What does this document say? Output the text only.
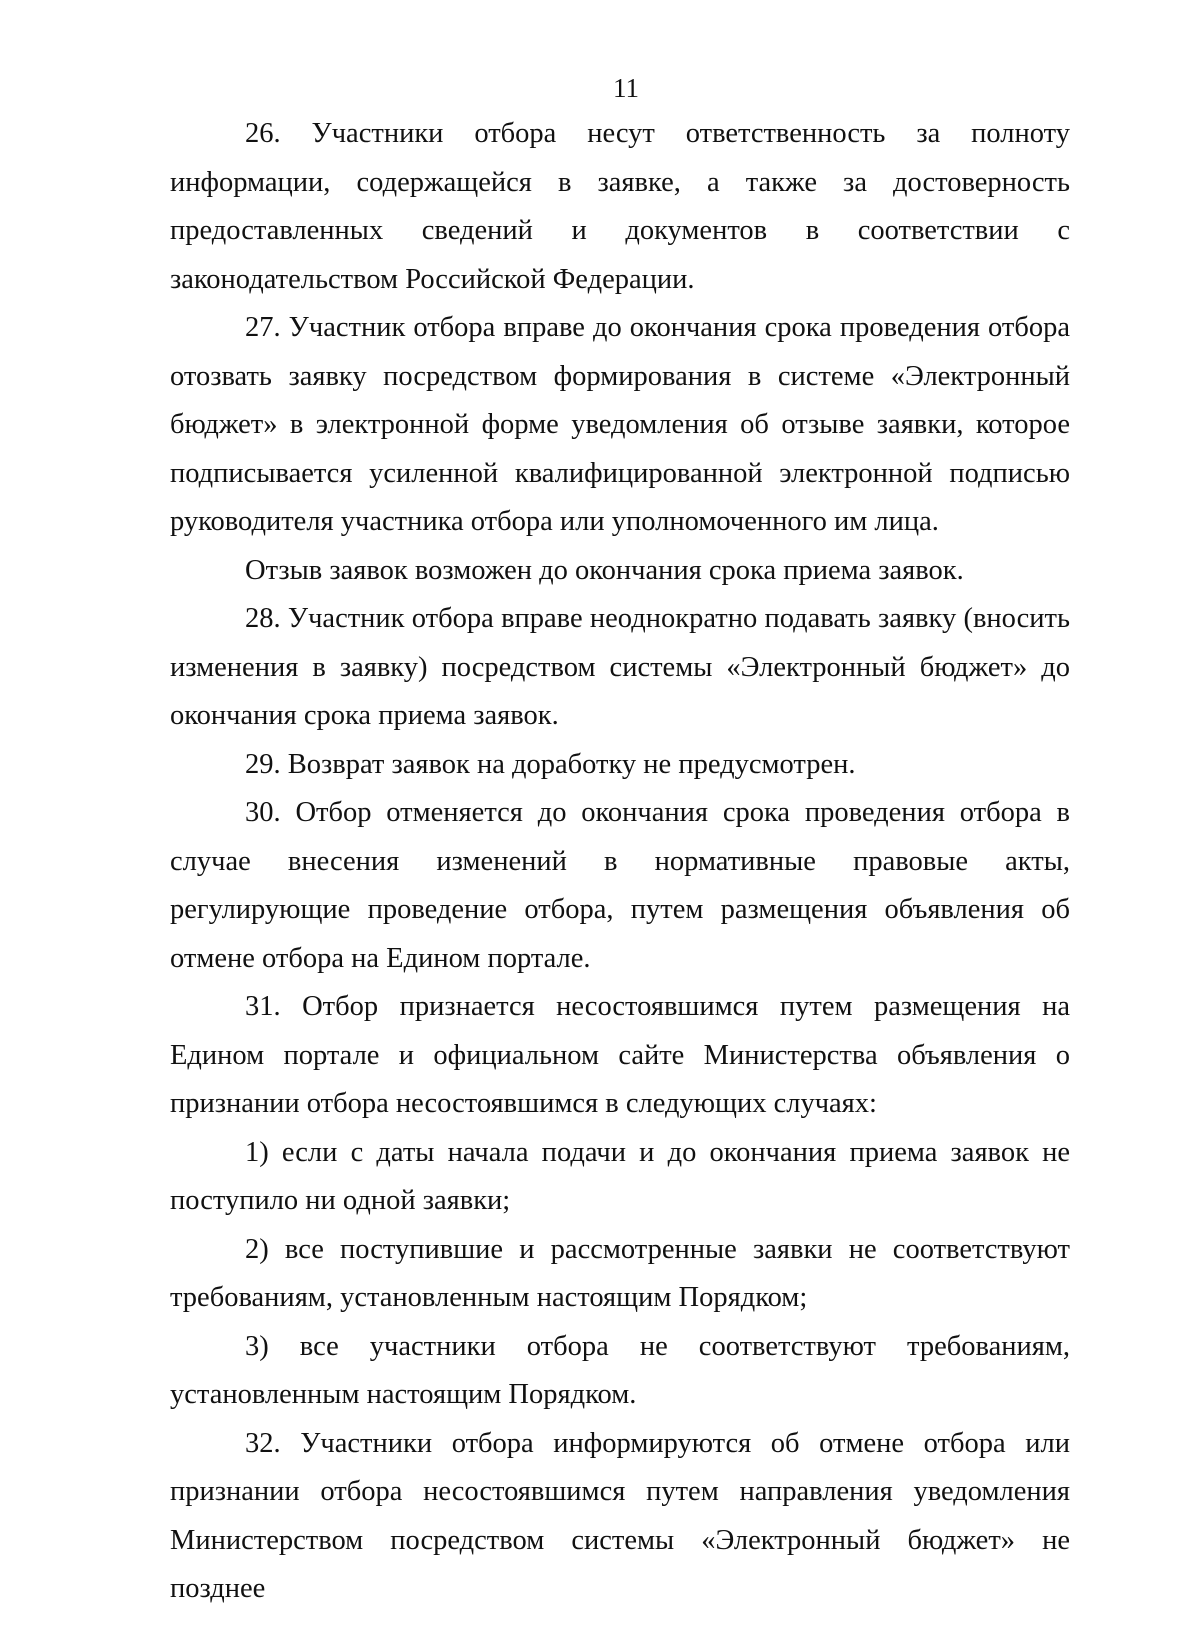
11

26. Участники отбора несут ответственность за полноту информации, содержащейся в заявке, а также за достоверность предоставленных сведений и документов в соответствии с законодательством Российской Федерации.

27. Участник отбора вправе до окончания срока проведения отбора отозвать заявку посредством формирования в системе «Электронный бюджет» в электронной форме уведомления об отзыве заявки, которое подписывается усиленной квалифицированной электронной подписью руководителя участника отбора или уполномоченного им лица.

Отзыв заявок возможен до окончания срока приема заявок.

28. Участник отбора вправе неоднократно подавать заявку (вносить изменения в заявку) посредством системы «Электронный бюджет» до окончания срока приема заявок.

29. Возврат заявок на доработку не предусмотрен.

30. Отбор отменяется до окончания срока проведения отбора в случае внесения изменений в нормативные правовые акты, регулирующие проведение отбора, путем размещения объявления об отмене отбора на Едином портале.

31. Отбор признается несостоявшимся путем размещения на Едином портале и официальном сайте Министерства объявления о признании отбора несостоявшимся в следующих случаях:

1) если с даты начала подачи и до окончания приема заявок не поступило ни одной заявки;

2) все поступившие и рассмотренные заявки не соответствуют требованиям, установленным настоящим Порядком;

3) все участники отбора не соответствуют требованиям, установленным настоящим Порядком.

32. Участники отбора информируются об отмене отбора или признании отбора несостоявшимся путем направления уведомления Министерством посредством системы «Электронный бюджет» не позднее
